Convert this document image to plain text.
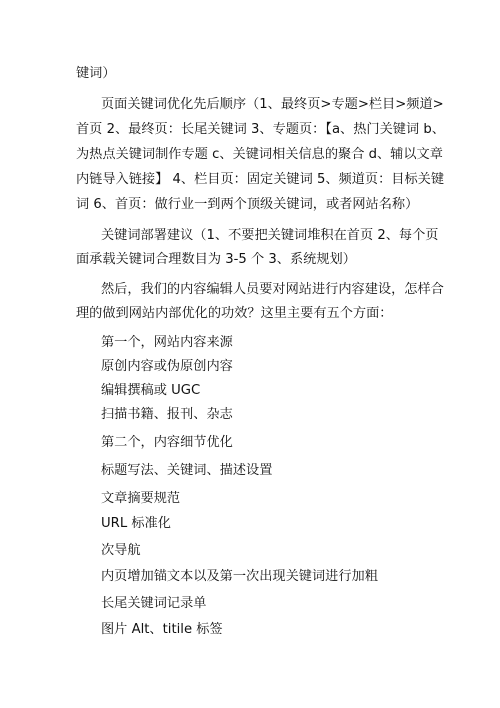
键词）
页面关键词优化先后顺序（1、最终页>专题>栏目>频道>
首页 2、最终页：长尾关键词 3、专题页：【a、热门关键词 b、
为热点关键词制作专题 c、关键词相关信息的聚合 d、辅以文章
内链导入链接】 4、栏目页：固定关键词 5、频道页：目标关键
词 6、首页：做行业一到两个顶级关键词，或者网站名称）
关键词部署建议（1、不要把关键词堆积在首页 2、每个页
面承载关键词合理数目为 3-5 个 3、系统规划）
然后，我们的内容编辑人员要对网站进行内容建设，怎样合
理的做到网站内部优化的功效？这里主要有五个方面：
第一个，网站内容来源
原创内容或伪原创内容
编辑撰稿或 UGC
扫描书籍、报刊、杂志
第二个，内容细节优化
标题写法、关键词、描述设置
文章摘要规范
URL 标准化
次导航
内页增加锚文本以及第一次出现关键词进行加粗
长尾关键词记录单
图片 Alt、titile 标签
